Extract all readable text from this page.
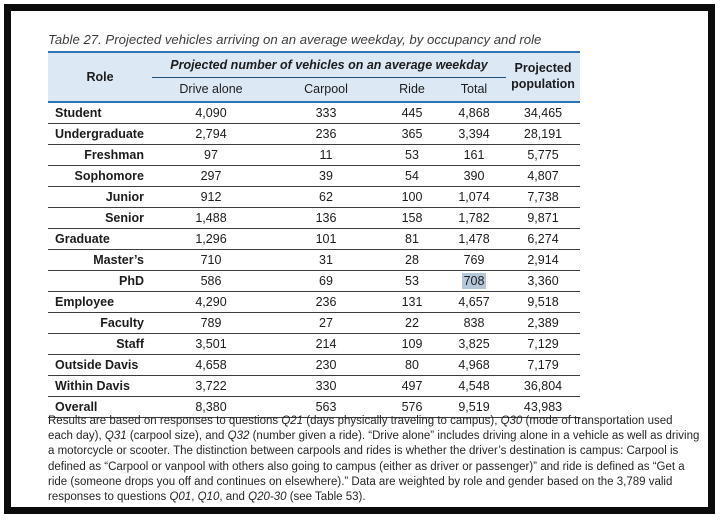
Table 27. Projected vehicles arriving on an average weekday, by occupancy and role
Role	Projected number of vehicles on an average weekday				Projected population
	Drive alone	Carpool	Ride	Total	
Student	4,090	333	445	4,868	34,465
Undergraduate	2,794	236	365	3,394	28,191
Freshman	97	11	53	161	5,775
Sophomore	297	39	54	390	4,807
Junior	912	62	100	1,074	7,738
Senior	1,488	136	158	1,782	9,871
Graduate	1,296	101	81	1,478	6,274
Master’s	710	31	28	769	2,914
PhD	586	69	53	708	3,360
Employee	4,290	236	131	4,657	9,518
Faculty	789	27	22	838	2,389
Staff	3,501	214	109	3,825	7,129
Outside Davis	4,658	230	80	4,968	7,179
Within Davis	3,722	330	497	4,548	36,804
Overall	8,380	563	576	9,519	43,983

Results are based on responses to questions Q21 (days physically traveling to campus), Q30 (mode of transportation used each day), Q31 (carpool size), and Q32 (number given a ride). “Drive alone” includes driving alone in a vehicle as well as driving a motorcycle or scooter. The distinction between carpools and rides is whether the driver’s destination is campus: Carpool is defined as “Carpool or vanpool with others also going to campus (either as driver or passenger)” and ride is defined as “Get a ride (someone drops you off and continues on elsewhere).” Data are weighted by role and gender based on the 3,789 valid responses to questions Q01, Q10, and Q20-30 (see Table 53).
